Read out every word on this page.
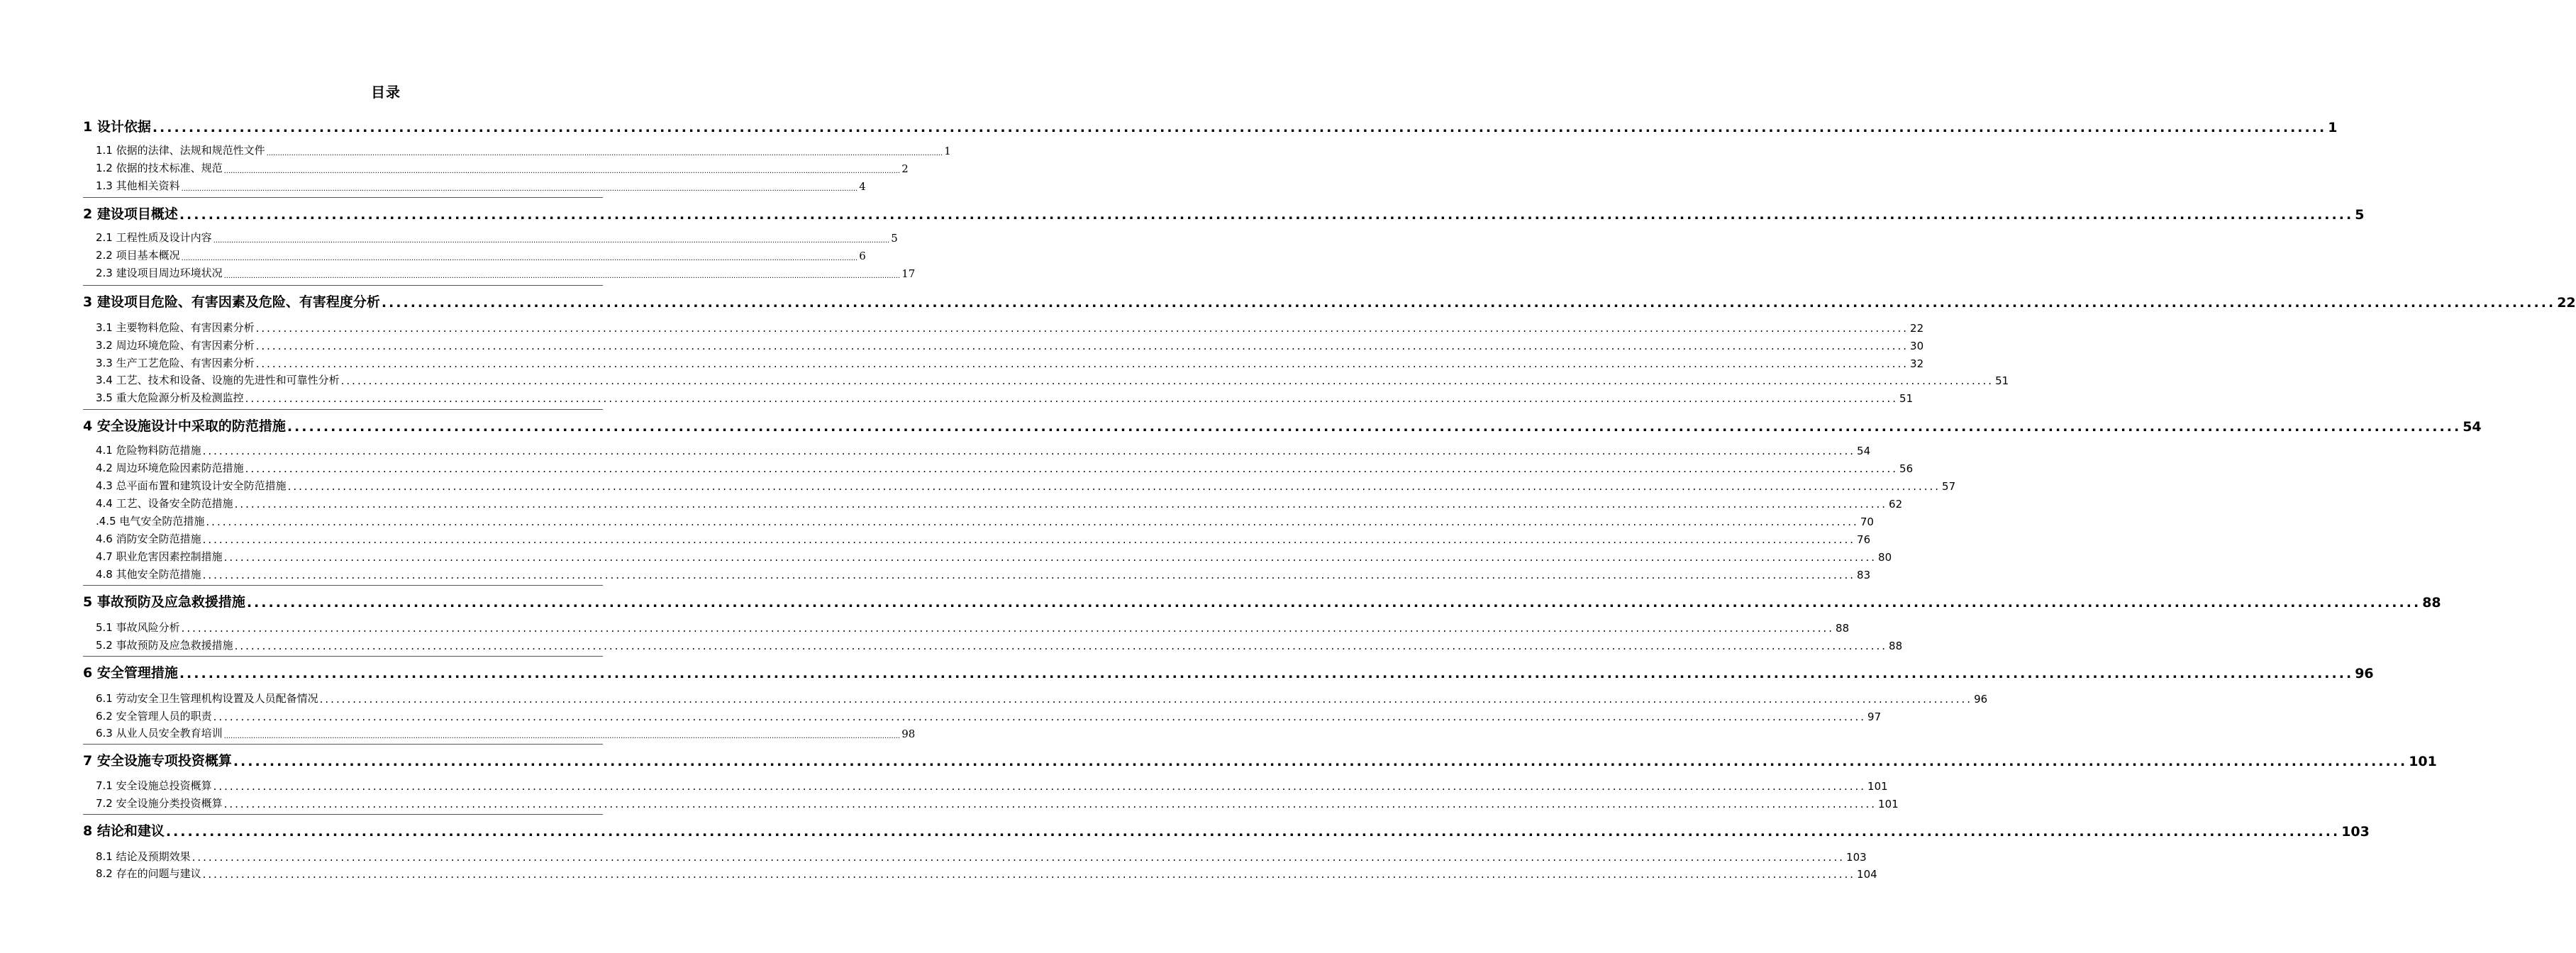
目录
1 设计依据 ............................................................................................................................................................................................................................................................................................................ 1
1.1 依据的法律、法规和规范性文件 ............................................................................................................................................................................................................................................................................................................ 1
1.2 依据的技术标准、规范 ............................................................................................................................................................................................................................................................................................................ 2
1.3 其他相关资料 ............................................................................................................................................................................................................................................................................................................ 4
2 建设项目概述 ............................................................................................................................................................................................................................................................................................................ 5
2.1 工程性质及设计内容 ............................................................................................................................................................................................................................................................................................................ 5
2.2 项目基本概况 ............................................................................................................................................................................................................................................................................................................ 6
2.3 建设项目周边环境状况 ............................................................................................................................................................................................................................................................................................................ 17
3 建设项目危险、有害因素及危险、有害程度分析 ............................................................................................................................................................................................................................................................................................................ 22
3.1 主要物料危险、有害因素分析 ............................................................................................................................................................................................................................................................................................................ 22
3.2 周边环境危险、有害因素分析 ............................................................................................................................................................................................................................................................................................................ 30
3.3 生产工艺危险、有害因素分析 ............................................................................................................................................................................................................................................................................................................ 32
3.4 工艺、技术和设备、设施的先进性和可靠性分析 ............................................................................................................................................................................................................................................................................................................ 51
3.5 重大危险源分析及检测监控 ............................................................................................................................................................................................................................................................................................................ 51
4 安全设施设计中采取的防范措施 ............................................................................................................................................................................................................................................................................................................ 54
4.1 危险物料防范措施 ............................................................................................................................................................................................................................................................................................................ 54
4.2 周边环境危险因素防范措施 ............................................................................................................................................................................................................................................................................................................ 56
4.3 总平面布置和建筑设计安全防范措施 ............................................................................................................................................................................................................................................................................................................ 57
4.4 工艺、设备安全防范措施 ............................................................................................................................................................................................................................................................................................................ 62
.4.5 电气安全防范措施 ............................................................................................................................................................................................................................................................................................................ 70
4.6 消防安全防范措施 ............................................................................................................................................................................................................................................................................................................ 76
4.7 职业危害因素控制措施 ............................................................................................................................................................................................................................................................................................................ 80
4.8 其他安全防范措施 ............................................................................................................................................................................................................................................................................................................ 83
5 事故预防及应急救援措施 ............................................................................................................................................................................................................................................................................................................ 88
5.1 事故风险分析 ............................................................................................................................................................................................................................................................................................................ 88
5.2 事故预防及应急救援措施 ............................................................................................................................................................................................................................................................................................................ 88
6 安全管理措施 ............................................................................................................................................................................................................................................................................................................ 96
6.1 劳动安全卫生管理机构设置及人员配备情况 ............................................................................................................................................................................................................................................................................................................ 96
6.2 安全管理人员的职责 ............................................................................................................................................................................................................................................................................................................ 97
6.3 从业人员安全教育培训 ............................................................................................................................................................................................................................................................................................................ 98
7 安全设施专项投资概算 ............................................................................................................................................................................................................................................................................................................ 101
7.1 安全设施总投资概算 ............................................................................................................................................................................................................................................................................................................ 101
7.2 安全设施分类投资概算 ............................................................................................................................................................................................................................................................................................................ 101
8 结论和建议 ............................................................................................................................................................................................................................................................................................................ 103
8.1 结论及预期效果 ............................................................................................................................................................................................................................................................................................................ 103
8.2 存在的问题与建议 ............................................................................................................................................................................................................................................................................................................ 104
